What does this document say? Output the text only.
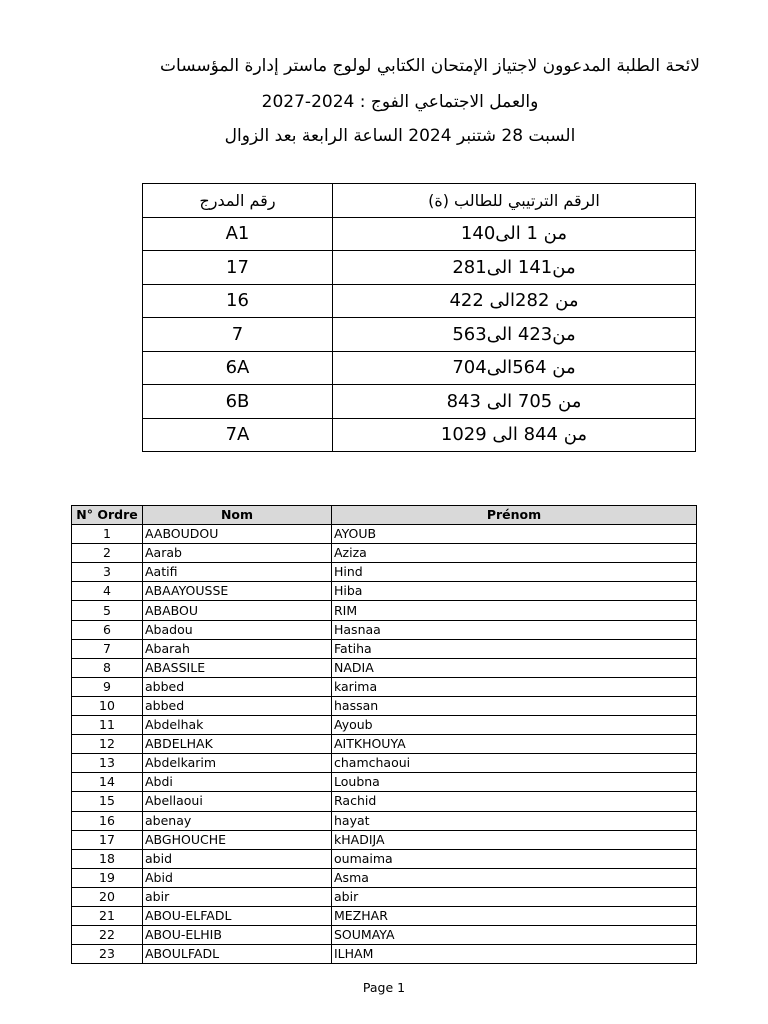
لائحة الطلبة المدعوون لاجتياز الإمتحان الكتابي لولوج ماستر إدارة المؤسسات
والعمل الاجتماعي الفوج : 2024-2027
السبت 28 شتنبر 2024 الساعة الرابعة بعد الزوال
الرقم الترتيبي للطالب (ة)	رقم المدرج
من 1 الى140	A1
من141 الى281	17
من 282الى 422	16
من423 الى563	7
من 564الى704	6A
من 705 الى 843	6B
من 844 الى 1029	7A
N° Ordre	Nom	Prénom
1	AABOUDOU	AYOUB
2	Aarab	Aziza
3	Aatifi	Hind
4	ABAAYOUSSE	Hiba
5	ABABOU	RIM
6	Abadou	Hasnaa
7	Abarah	Fatiha
8	ABASSILE	NADIA
9	abbed	karima
10	abbed	hassan
11	Abdelhak	Ayoub
12	ABDELHAK	AITKHOUYA
13	Abdelkarim	chamchaoui
14	Abdi	Loubna
15	Abellaoui	Rachid
16	abenay	hayat
17	ABGHOUCHE	kHADIJA
18	abid	oumaima
19	Abid	Asma
20	abir	abir
21	ABOU-ELFADL	MEZHAR
22	ABOU-ELHIB	SOUMAYA
23	ABOULFADL	ILHAM
Page 1
